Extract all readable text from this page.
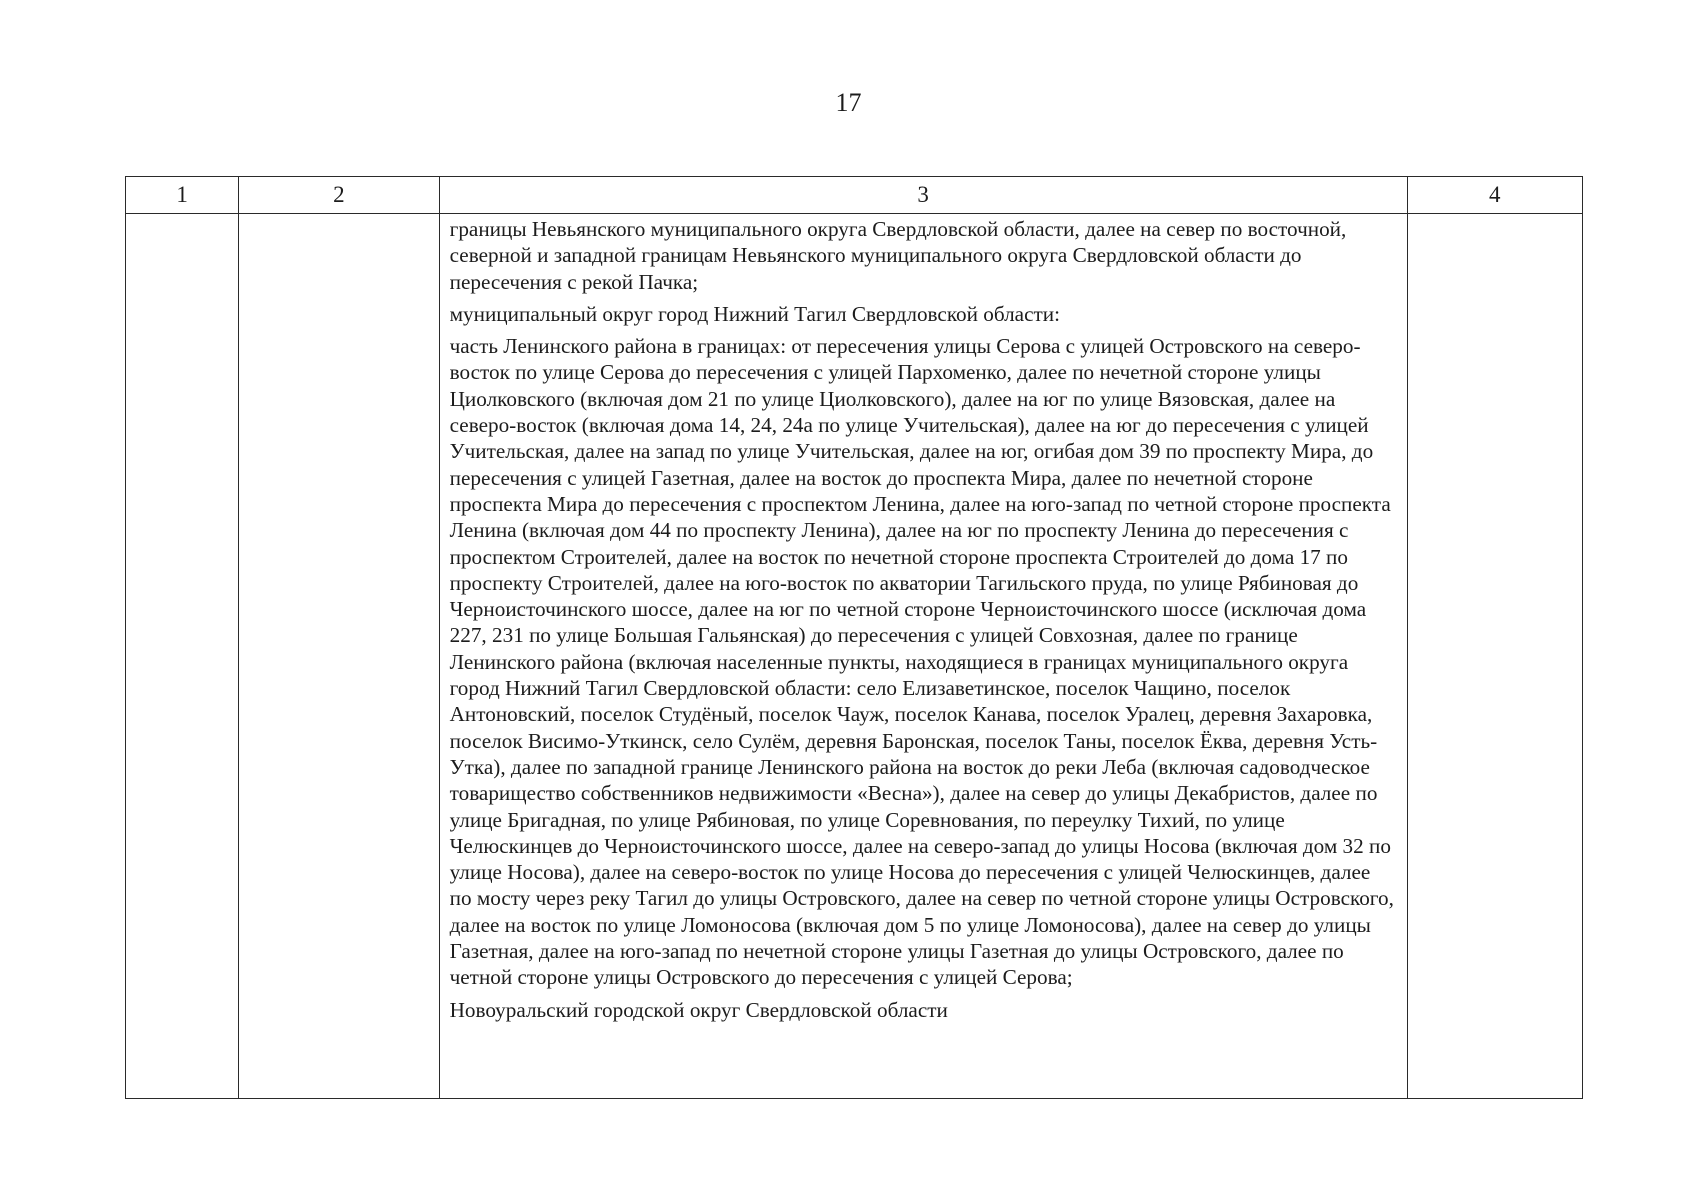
17
1	2	3	4

		границы Невьянского муниципального округа Свердловской области, далее на север по восточной, северной и западной границам Невьянского муниципального округа Свердловской области до пересечения с рекой Пачка;

муниципальный округ город Нижний Тагил Свердловской области:

часть Ленинского района в границах: от пересечения улицы Серова с улицей Островского на северо-восток по улице Серова до пересечения с улицей Пархоменко, далее по нечетной стороне улицы Циолковского (включая дом 21 по улице Циолковского), далее на юг по улице Вязовская, далее на северо-восток (включая дома 14, 24, 24а по улице Учительская), далее на юг до пересечения с улицей Учительская, далее на запад по улице Учительская, далее на юг, огибая дом 39 по проспекту Мира, до пересечения с улицей Газетная, далее на восток до проспекта Мира, далее по нечетной стороне проспекта Мира до пересечения с проспектом Ленина, далее на юго-запад по четной стороне проспекта Ленина (включая дом 44 по проспекту Ленина), далее на юг по проспекту Ленина до пересечения с проспектом Строителей, далее на восток по нечетной стороне проспекта Строителей до дома 17 по проспекту Строителей, далее на юго-восток по акватории Тагильского пруда, по улице Рябиновая до Черноисточинского шоссе, далее на юг по четной стороне Черноисточинского шоссе (исключая дома 227, 231 по улице Большая Гальянская) до пересечения с улицей Совхозная, далее по границе Ленинского района (включая населенные пункты, находящиеся в границах муниципального округа город Нижний Тагил Свердловской области: село Елизаветинское, поселок Чащино, поселок Антоновский, поселок Студёный, поселок Чауж, поселок Канава, поселок Уралец, деревня Захаровка, поселок Висимо-Уткинск, село Сулём, деревня Баронская, поселок Таны, поселок Ёква, деревня Усть-Утка), далее по западной границе Ленинского района на восток до реки Леба (включая садоводческое товарищество собственников недвижимости «Весна»), далее на север до улицы Декабристов, далее по улице Бригадная, по улице Рябиновая, по улице Соревнования, по переулку Тихий, по улице Челюскинцев до Черноисточинского шоссе, далее на северо-запад до улицы Носова (включая дом 32 по улице Носова), далее на северо-восток по улице Носова до пересечения с улицей Челюскинцев, далее по мосту через реку Тагил до улицы Островского, далее на север по четной стороне улицы Островского, далее на восток по улице Ломоносова (включая дом 5 по улице Ломоносова), далее на север до улицы Газетная, далее на юго-запад по нечетной стороне улицы Газетная до улицы Островского, далее по четной стороне улицы Островского до пересечения с улицей Серова;

Новоуральский городской округ Свердловской области	
